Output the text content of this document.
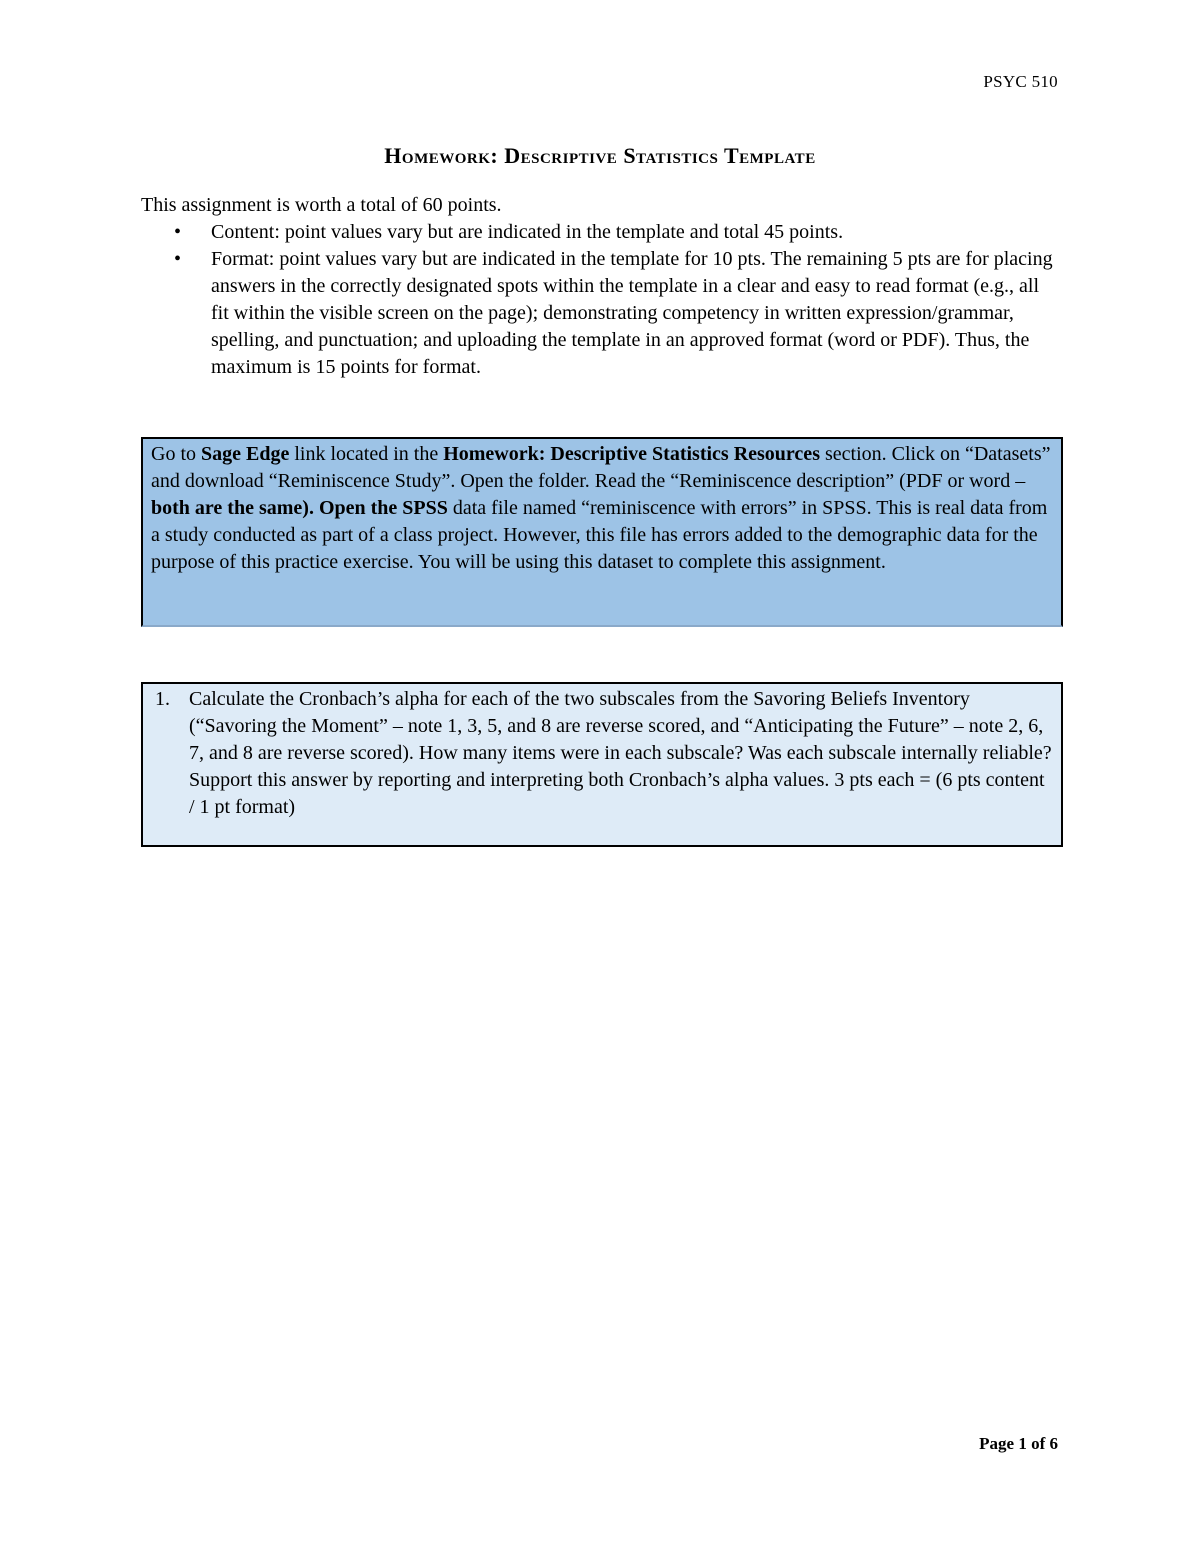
PSYC 510
Homework: Descriptive Statistics Template

This assignment is worth a total of 60 points.

• Content: point values vary but are indicated in the template and total 45 points.
• Format: point values vary but are indicated in the template for 10 pts. The remaining 5 pts are for placing answers in the correctly designated spots within the template in a clear and easy to read format (e.g., all fit within the visible screen on the page); demonstrating competency in written expression/grammar, spelling, and punctuation; and uploading the template in an approved format (word or PDF). Thus, the maximum is 15 points for format.
Go to Sage Edge link located in the Homework: Descriptive Statistics Resources section. Click on “Datasets” and download “Reminiscence Study”. Open the folder. Read the “Reminiscence description” (PDF or word – both are the same). Open the SPSS data file named “reminiscence with errors” in SPSS. This is real data from a study conducted as part of a class project. However, this file has errors added to the demographic data for the purpose of this practice exercise. You will be using this dataset to complete this assignment.
1. Calculate the Cronbach’s alpha for each of the two subscales from the Savoring Beliefs Inventory (“Savoring the Moment” – note 1, 3, 5, and 8 are reverse scored, and “Anticipating the Future” – note 2, 6, 7, and 8 are reverse scored). How many items were in each subscale? Was each subscale internally reliable? Support this answer by reporting and interpreting both Cronbach’s alpha values. 3 pts each = (6 pts content / 1 pt format)
Page 1 of 6
